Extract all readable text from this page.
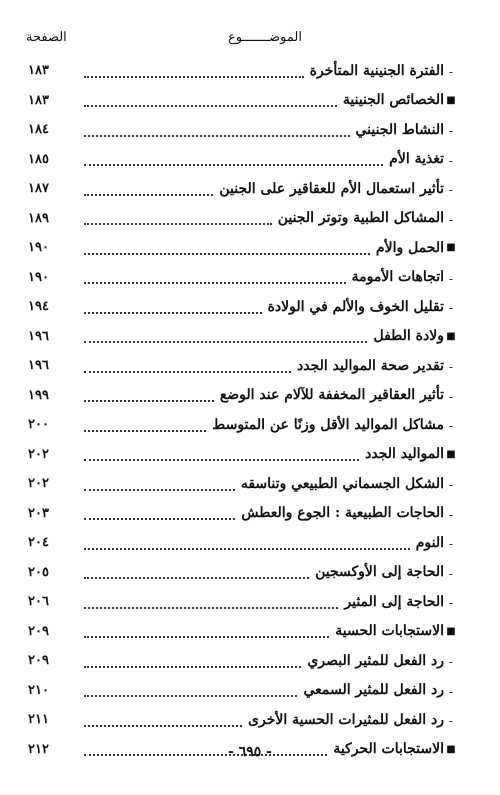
الموضـــــــوع
الصفحة
ـ
الفترة الجنينية المتأخرة
١٨٣
■
الخصائص الجنينية
١٨٣
ـ
النشاط الجنيني
١٨٤
ـ
تغذية الأم
١٨٥
ـ
تأثير استعمال الأم للعقاقير على الجنين
١٨٧
ـ
المشاكل الطبية وتوتر الجنين
١٨٩
■
الحمل والأم
١٩٠
ـ
اتجاهات الأمومة
١٩٠
ـ
تقليل الخوف والألم في الولادة
١٩٤
■
ولادة الطفل
١٩٦
ـ
تقدير صحة المواليد الجدد
١٩٦
ـ
تأثير العقاقير المخففة للآلام عند الوضع
١٩٩
ـ
مشاكل المواليد الأقل وزنًا عن المتوسط
٢٠٠
■
المواليد الجدد
٢٠٢
ـ
الشكل الجسماني الطبيعي وتناسقه
٢٠٢
ـ
الحاجات الطبيعية : الجوع والعطش
٢٠٣
ـ
النوم
٢٠٤
ـ
الحاجة إلى الأوكسجين
٢٠٥
ـ
الحاجة إلى المثير
٢٠٦
■
الاستجابات الحسية
٢٠٩
ـ
رد الفعل للمثير البصري
٢٠٩
ـ
رد الفعل للمثير السمعي
٢١٠
ـ
رد الفعل للمثيرات الحسية الأخرى
٢١١
■
الاستجابات الحركية
٢١٢	- ٦٩٥ -
